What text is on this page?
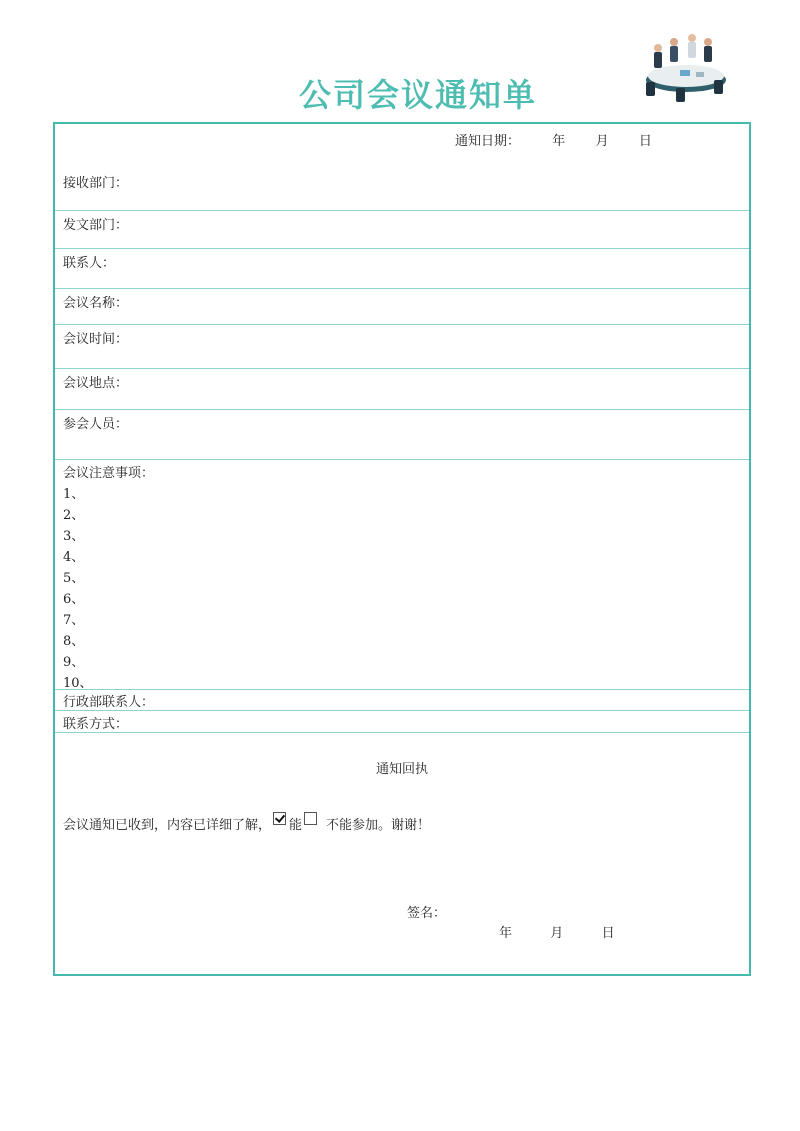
公司会议通知单
通知日期： 年 月 日
接收部门：
发文部门：
联系人：
会议名称：
会议时间：
会议地点：
参会人员：
会议注意事项：
1、
2、
3、
4、
5、
6、
7、
8、
9、
10、
行政部联系人：
联系方式：
通知回执
会议通知已收到，内容已详细了解， 能 不能参加。谢谢！
签名：
年	月	日
